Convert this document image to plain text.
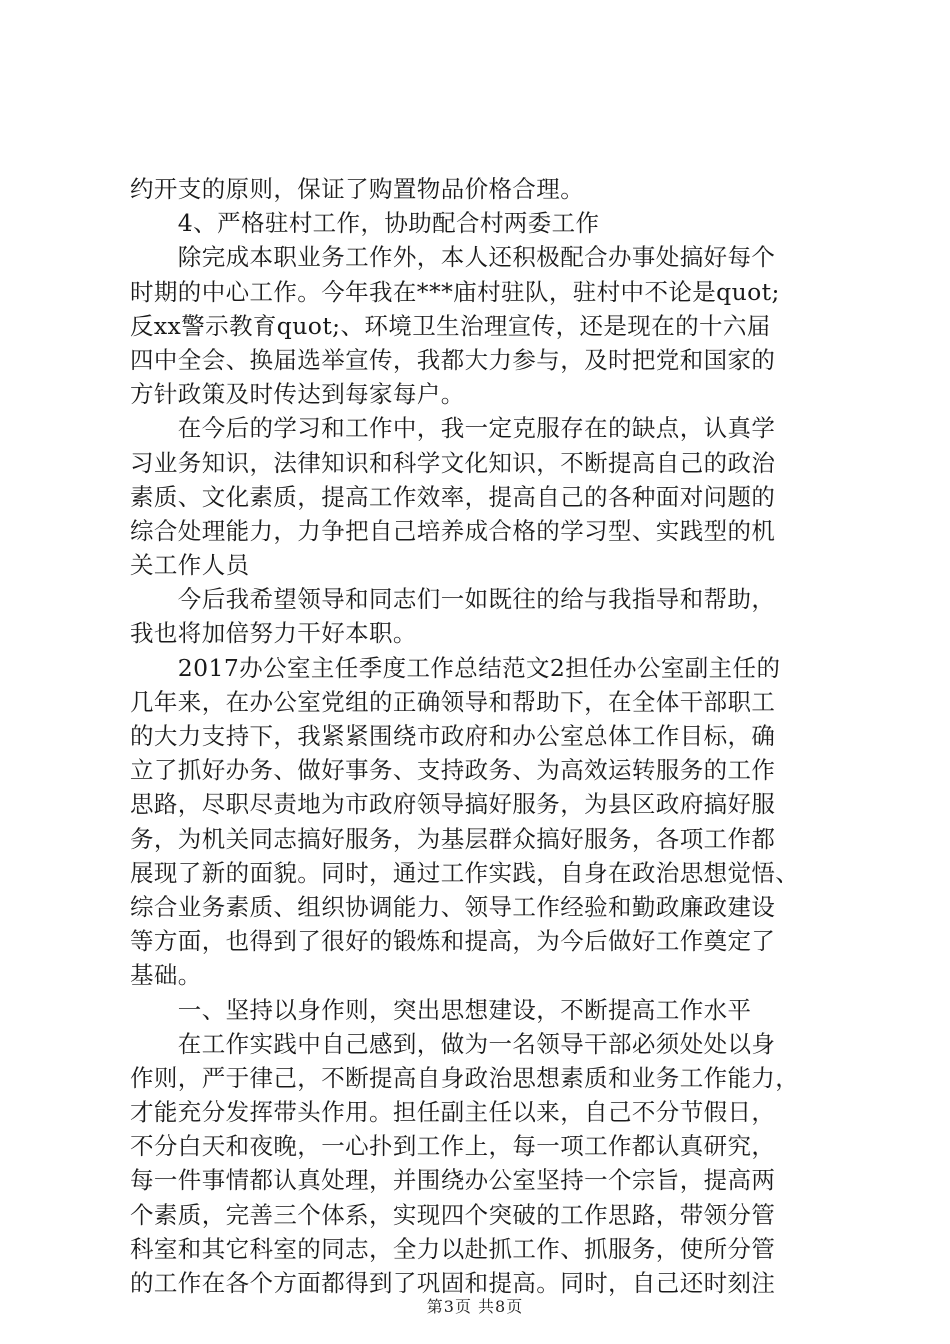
约开支的原则，保证了购置物品价格合理。
　　4、严格驻村工作，协助配合村两委工作
　　除完成本职业务工作外，本人还积极配合办事处搞好每个
时期的中心工作。今年我在***庙村驻队，驻村中不论是quot;
反xx警示教育quot;、环境卫生治理宣传，还是现在的十六届
四中全会、换届选举宣传，我都大力参与，及时把党和国家的
方针政策及时传达到每家每户。
　　在今后的学习和工作中，我一定克服存在的缺点，认真学
习业务知识，法律知识和科学文化知识，不断提高自己的政治
素质、文化素质，提高工作效率，提高自己的各种面对问题的
综合处理能力，力争把自己培养成合格的学习型、实践型的机
关工作人员
　　今后我希望领导和同志们一如既往的给与我指导和帮助，
我也将加倍努力干好本职。
　　2017办公室主任季度工作总结范文2担任办公室副主任的
几年来，在办公室党组的正确领导和帮助下，在全体干部职工
的大力支持下，我紧紧围绕市政府和办公室总体工作目标，确
立了抓好办务、做好事务、支持政务、为高效运转服务的工作
思路，尽职尽责地为市政府领导搞好服务，为县区政府搞好服
务，为机关同志搞好服务，为基层群众搞好服务，各项工作都
展现了新的面貌。同时，通过工作实践，自身在政治思想觉悟、
综合业务素质、组织协调能力、领导工作经验和勤政廉政建设
等方面，也得到了很好的锻炼和提高，为今后做好工作奠定了
基础。
　　一、坚持以身作则，突出思想建设，不断提高工作水平
　　在工作实践中自己感到，做为一名领导干部必须处处以身
作则，严于律己，不断提高自身政治思想素质和业务工作能力，
才能充分发挥带头作用。担任副主任以来，自己不分节假日，
不分白天和夜晚，一心扑到工作上，每一项工作都认真研究，
每一件事情都认真处理，并围绕办公室坚持一个宗旨，提高两
个素质，完善三个体系，实现四个突破的工作思路，带领分管
科室和其它科室的同志，全力以赴抓工作、抓服务，使所分管
的工作在各个方面都得到了巩固和提高。同时，自己还时刻注
第3页 共8页
